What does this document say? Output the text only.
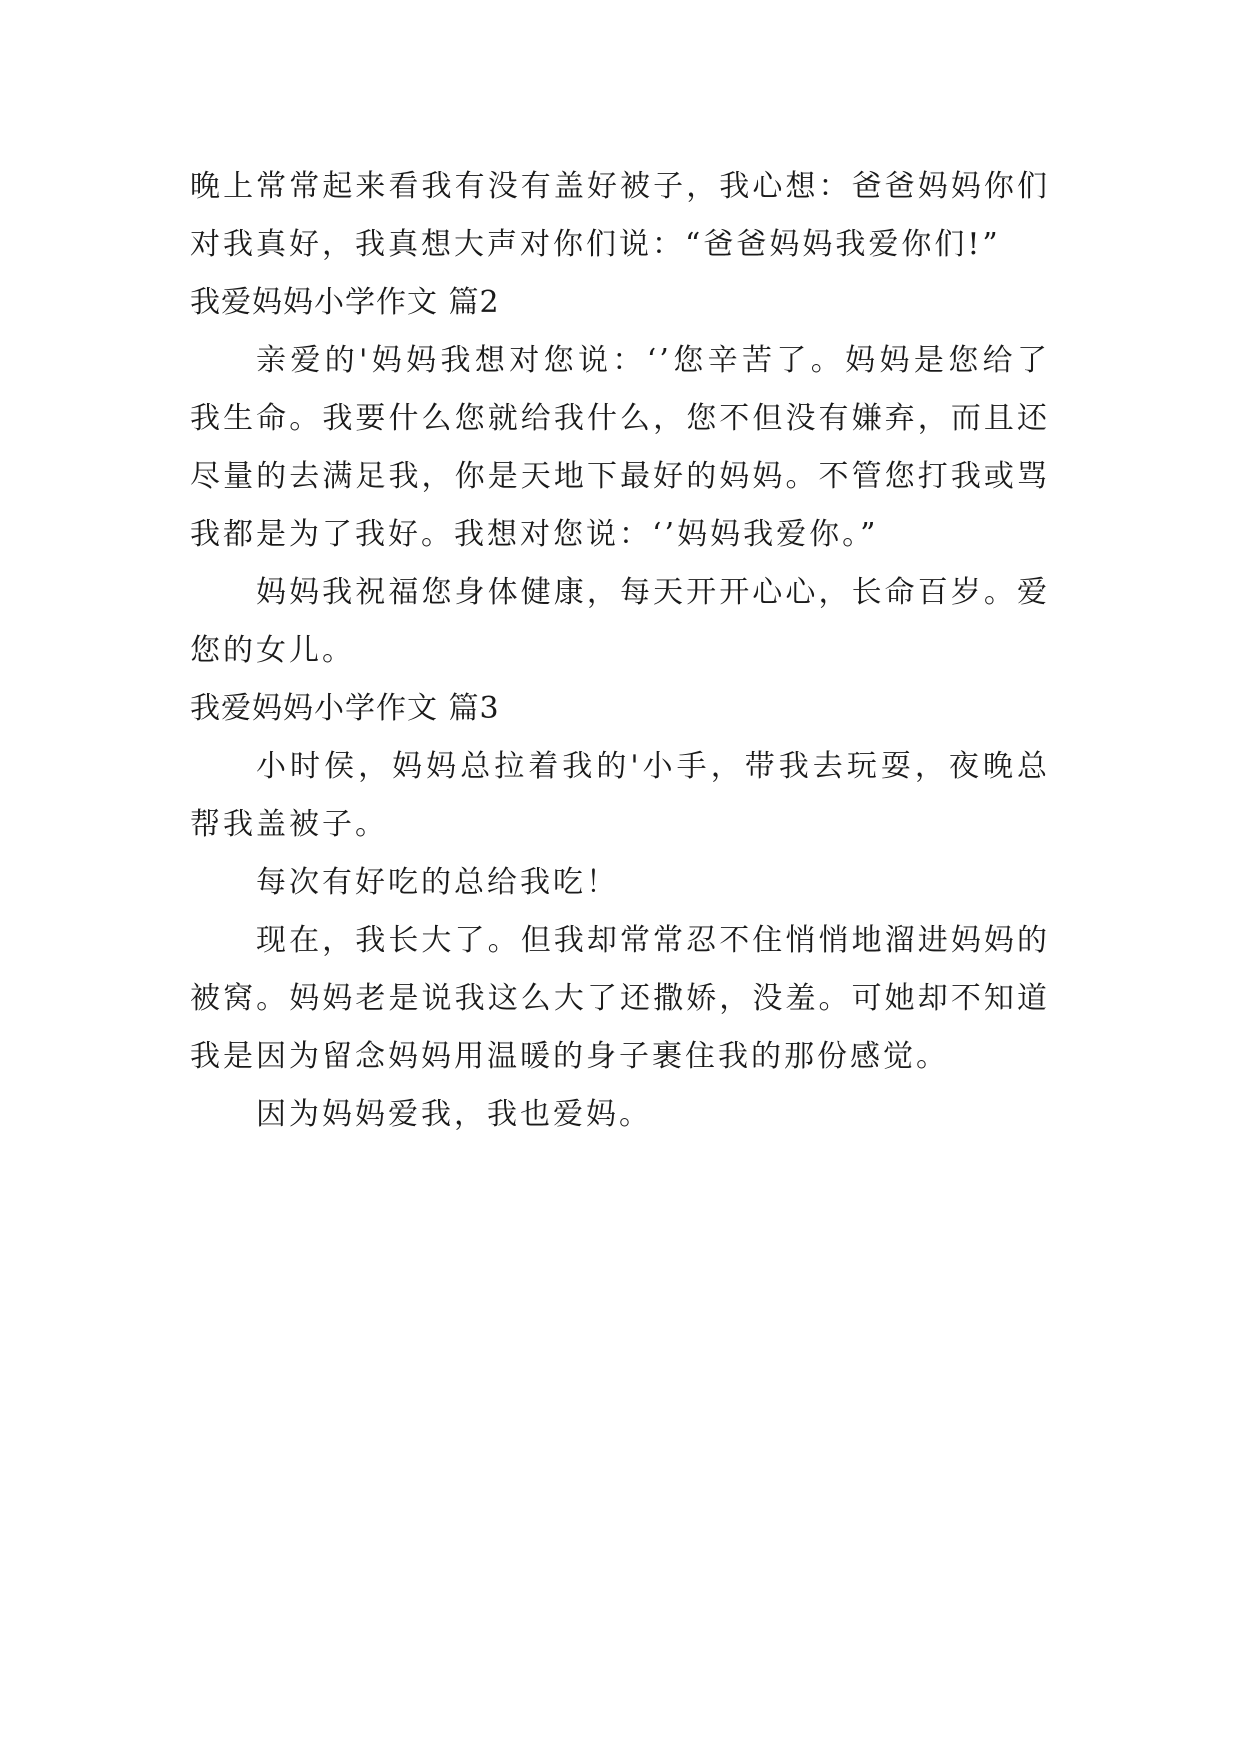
晚上常常起来看我有没有盖好被子，我心想：爸爸妈妈你们对我真好，我真想大声对你们说：“爸爸妈妈我爱你们!”

我爱妈妈小学作文 篇2

亲爱的'妈妈我想对您说：‘’您辛苦了。妈妈是您给了我生命。我要什么您就给我什么，您不但没有嫌弃，而且还尽量的去满足我，你是天地下最好的妈妈。不管您打我或骂我都是为了我好。我想对您说：‘’妈妈我爱你。”

妈妈我祝福您身体健康，每天开开心心，长命百岁。爱您的女儿。

我爱妈妈小学作文 篇3

小时侯，妈妈总拉着我的'小手，带我去玩耍，夜晚总帮我盖被子。

每次有好吃的总给我吃！

现在，我长大了。但我却常常忍不住悄悄地溜进妈妈的被窝。妈妈老是说我这么大了还撒娇，没羞。可她却不知道我是因为留念妈妈用温暖的身子裹住我的那份感觉。

因为妈妈爱我，我也爱妈。
